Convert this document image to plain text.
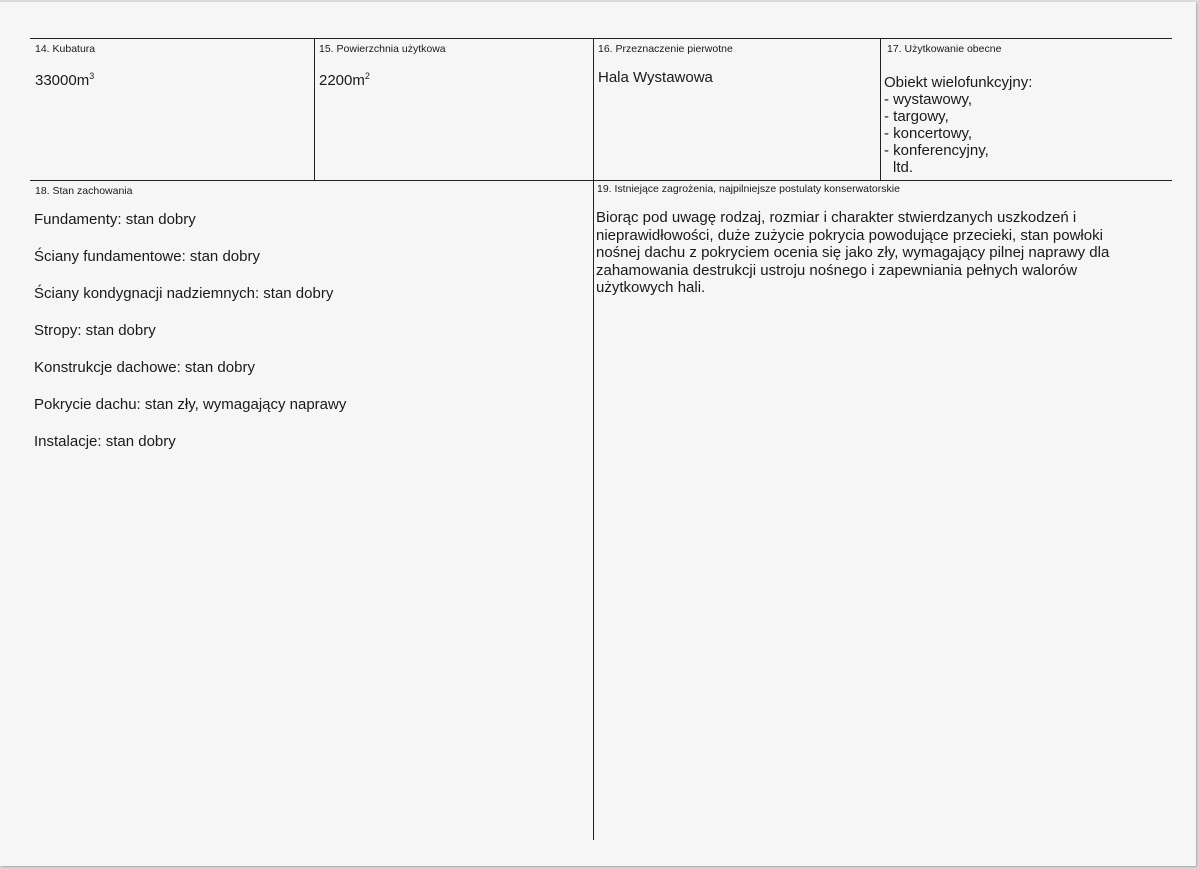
14. Kubatura
$33000m^3$
15. Powierzchnia użytkowa
$2200m^2$
16. Przeznaczenie pierwotne
Hala Wystawowa
17. Użytkowanie obecne
Obiekt wielofunkcyjny:
- wystawowy,
- targowy,
- koncertowy,
- konferencyjny,
ltd.
18. Stan zachowania
Fundamenty: stan dobry
Ściany fundamentowe: stan dobry
Ściany kondygnacji nadziemnych: stan dobry
Stropy: stan dobry
Konstrukcje dachowe: stan dobry
Pokrycie dachu: stan zły, wymagający naprawy
Instalacje: stan dobry
19. Istniejące zagrożenia, najpilniejsze postulaty konserwatorskie
Biorąc pod uwagę rodzaj, rozmiar i charakter stwierdzanych uszkodzeń i
nieprawidłowości, duże zużycie pokrycia powodujące przecieki, stan powłoki
nośnej dachu z pokryciem ocenia się jako zły, wymagający pilnej naprawy dla
zahamowania destrukcji ustroju nośnego i zapewniania pełnych walorów
użytkowych hali.
